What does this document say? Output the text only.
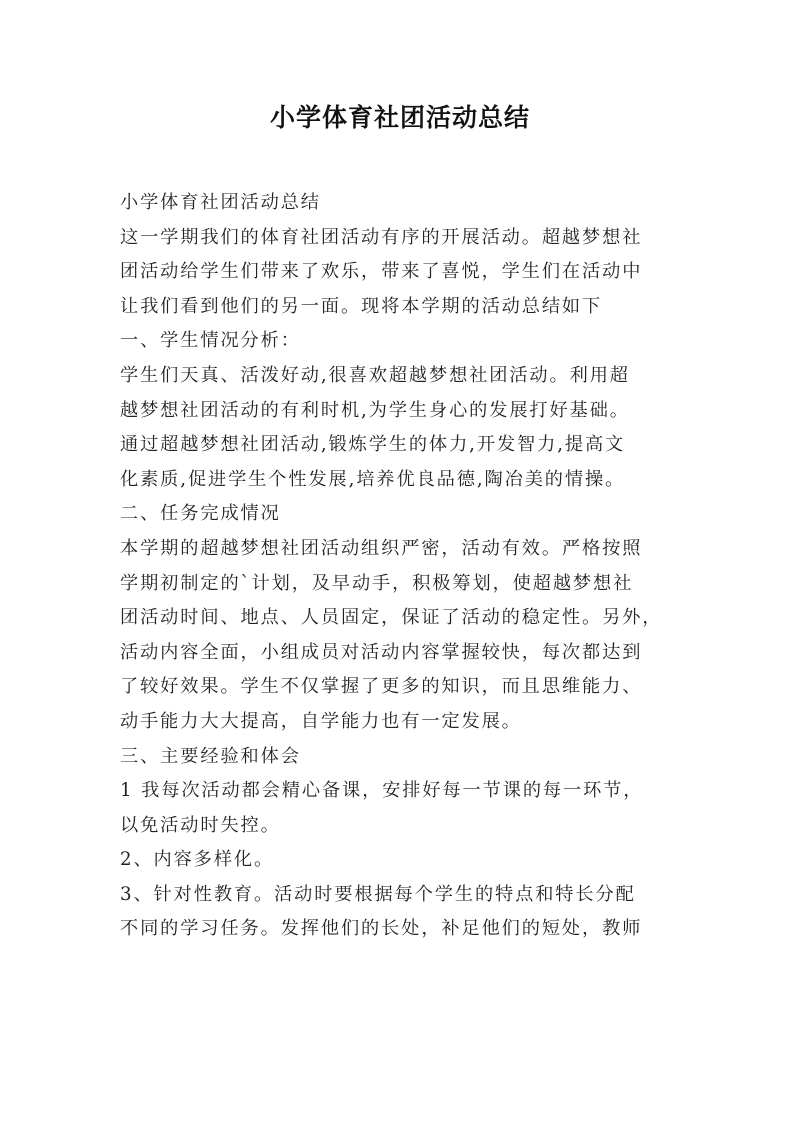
小学体育社团活动总结
小学体育社团活动总结
这一学期我们的体育社团活动有序的开展活动。超越梦想社
团活动给学生们带来了欢乐，带来了喜悦，学生们在活动中
让我们看到他们的另一面。现将本学期的活动总结如下
一、学生情况分析：
学生们天真、活泼好动,很喜欢超越梦想社团活动。利用超
越梦想社团活动的有利时机,为学生身心的发展打好基础。
通过超越梦想社团活动,锻炼学生的体力,开发智力,提高文
化素质,促进学生个性发展,培养优良品德,陶冶美的情操。
二、任务完成情况
本学期的超越梦想社团活动组织严密，活动有效。严格按照
学期初制定的`计划，及早动手，积极筹划，使超越梦想社
团活动时间、地点、人员固定，保证了活动的稳定性。另外，
活动内容全面，小组成员对活动内容掌握较快，每次都达到
了较好效果。学生不仅掌握了更多的知识，而且思维能力、
动手能力大大提高，自学能力也有一定发展。
三、主要经验和体会
1 我每次活动都会精心备课，安排好每一节课的每一环节，
以免活动时失控。
2、内容多样化。
3、针对性教育。活动时要根据每个学生的特点和特长分配
不同的学习任务。发挥他们的长处，补足他们的短处，教师
